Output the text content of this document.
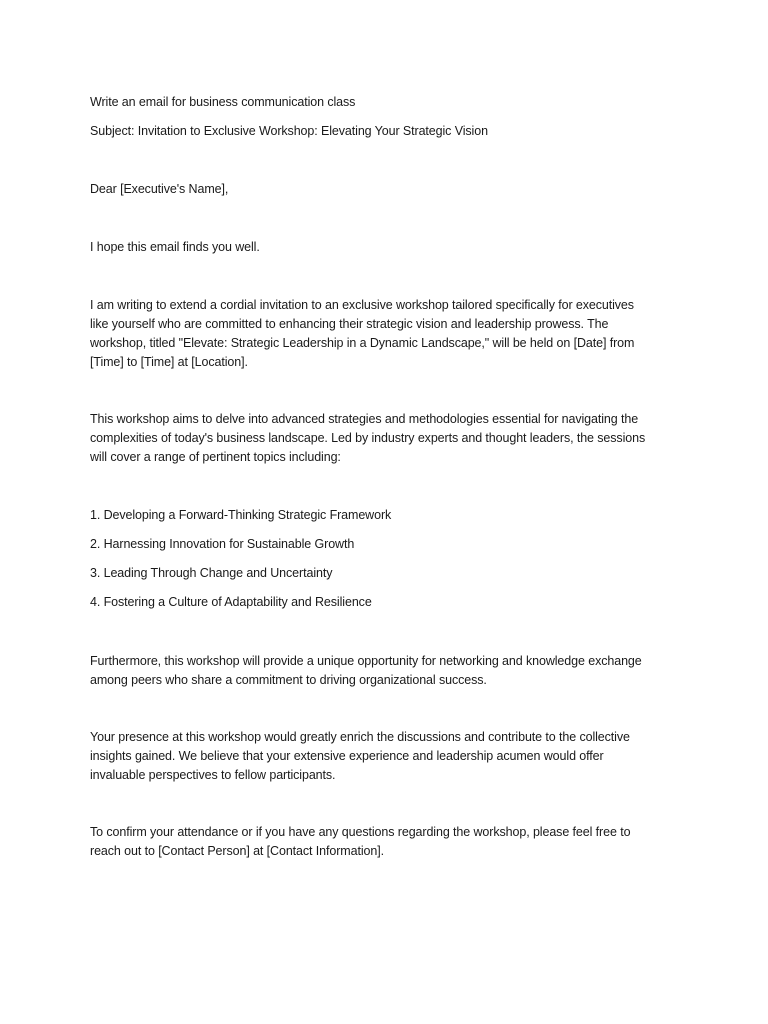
Write an email for business communication class
Subject: Invitation to Exclusive Workshop: Elevating Your Strategic Vision
Dear [Executive's Name],
I hope this email finds you well.
I am writing to extend a cordial invitation to an exclusive workshop tailored specifically for executives
like yourself who are committed to enhancing their strategic vision and leadership prowess. The
workshop, titled "Elevate: Strategic Leadership in a Dynamic Landscape," will be held on [Date] from
[Time] to [Time] at [Location].
This workshop aims to delve into advanced strategies and methodologies essential for navigating the
complexities of today's business landscape. Led by industry experts and thought leaders, the sessions
will cover a range of pertinent topics including:
1. Developing a Forward-Thinking Strategic Framework
2. Harnessing Innovation for Sustainable Growth
3. Leading Through Change and Uncertainty
4. Fostering a Culture of Adaptability and Resilience
Furthermore, this workshop will provide a unique opportunity for networking and knowledge exchange
among peers who share a commitment to driving organizational success.
Your presence at this workshop would greatly enrich the discussions and contribute to the collective
insights gained. We believe that your extensive experience and leadership acumen would offer
invaluable perspectives to fellow participants.
To confirm your attendance or if you have any questions regarding the workshop, please feel free to
reach out to [Contact Person] at [Contact Information].
